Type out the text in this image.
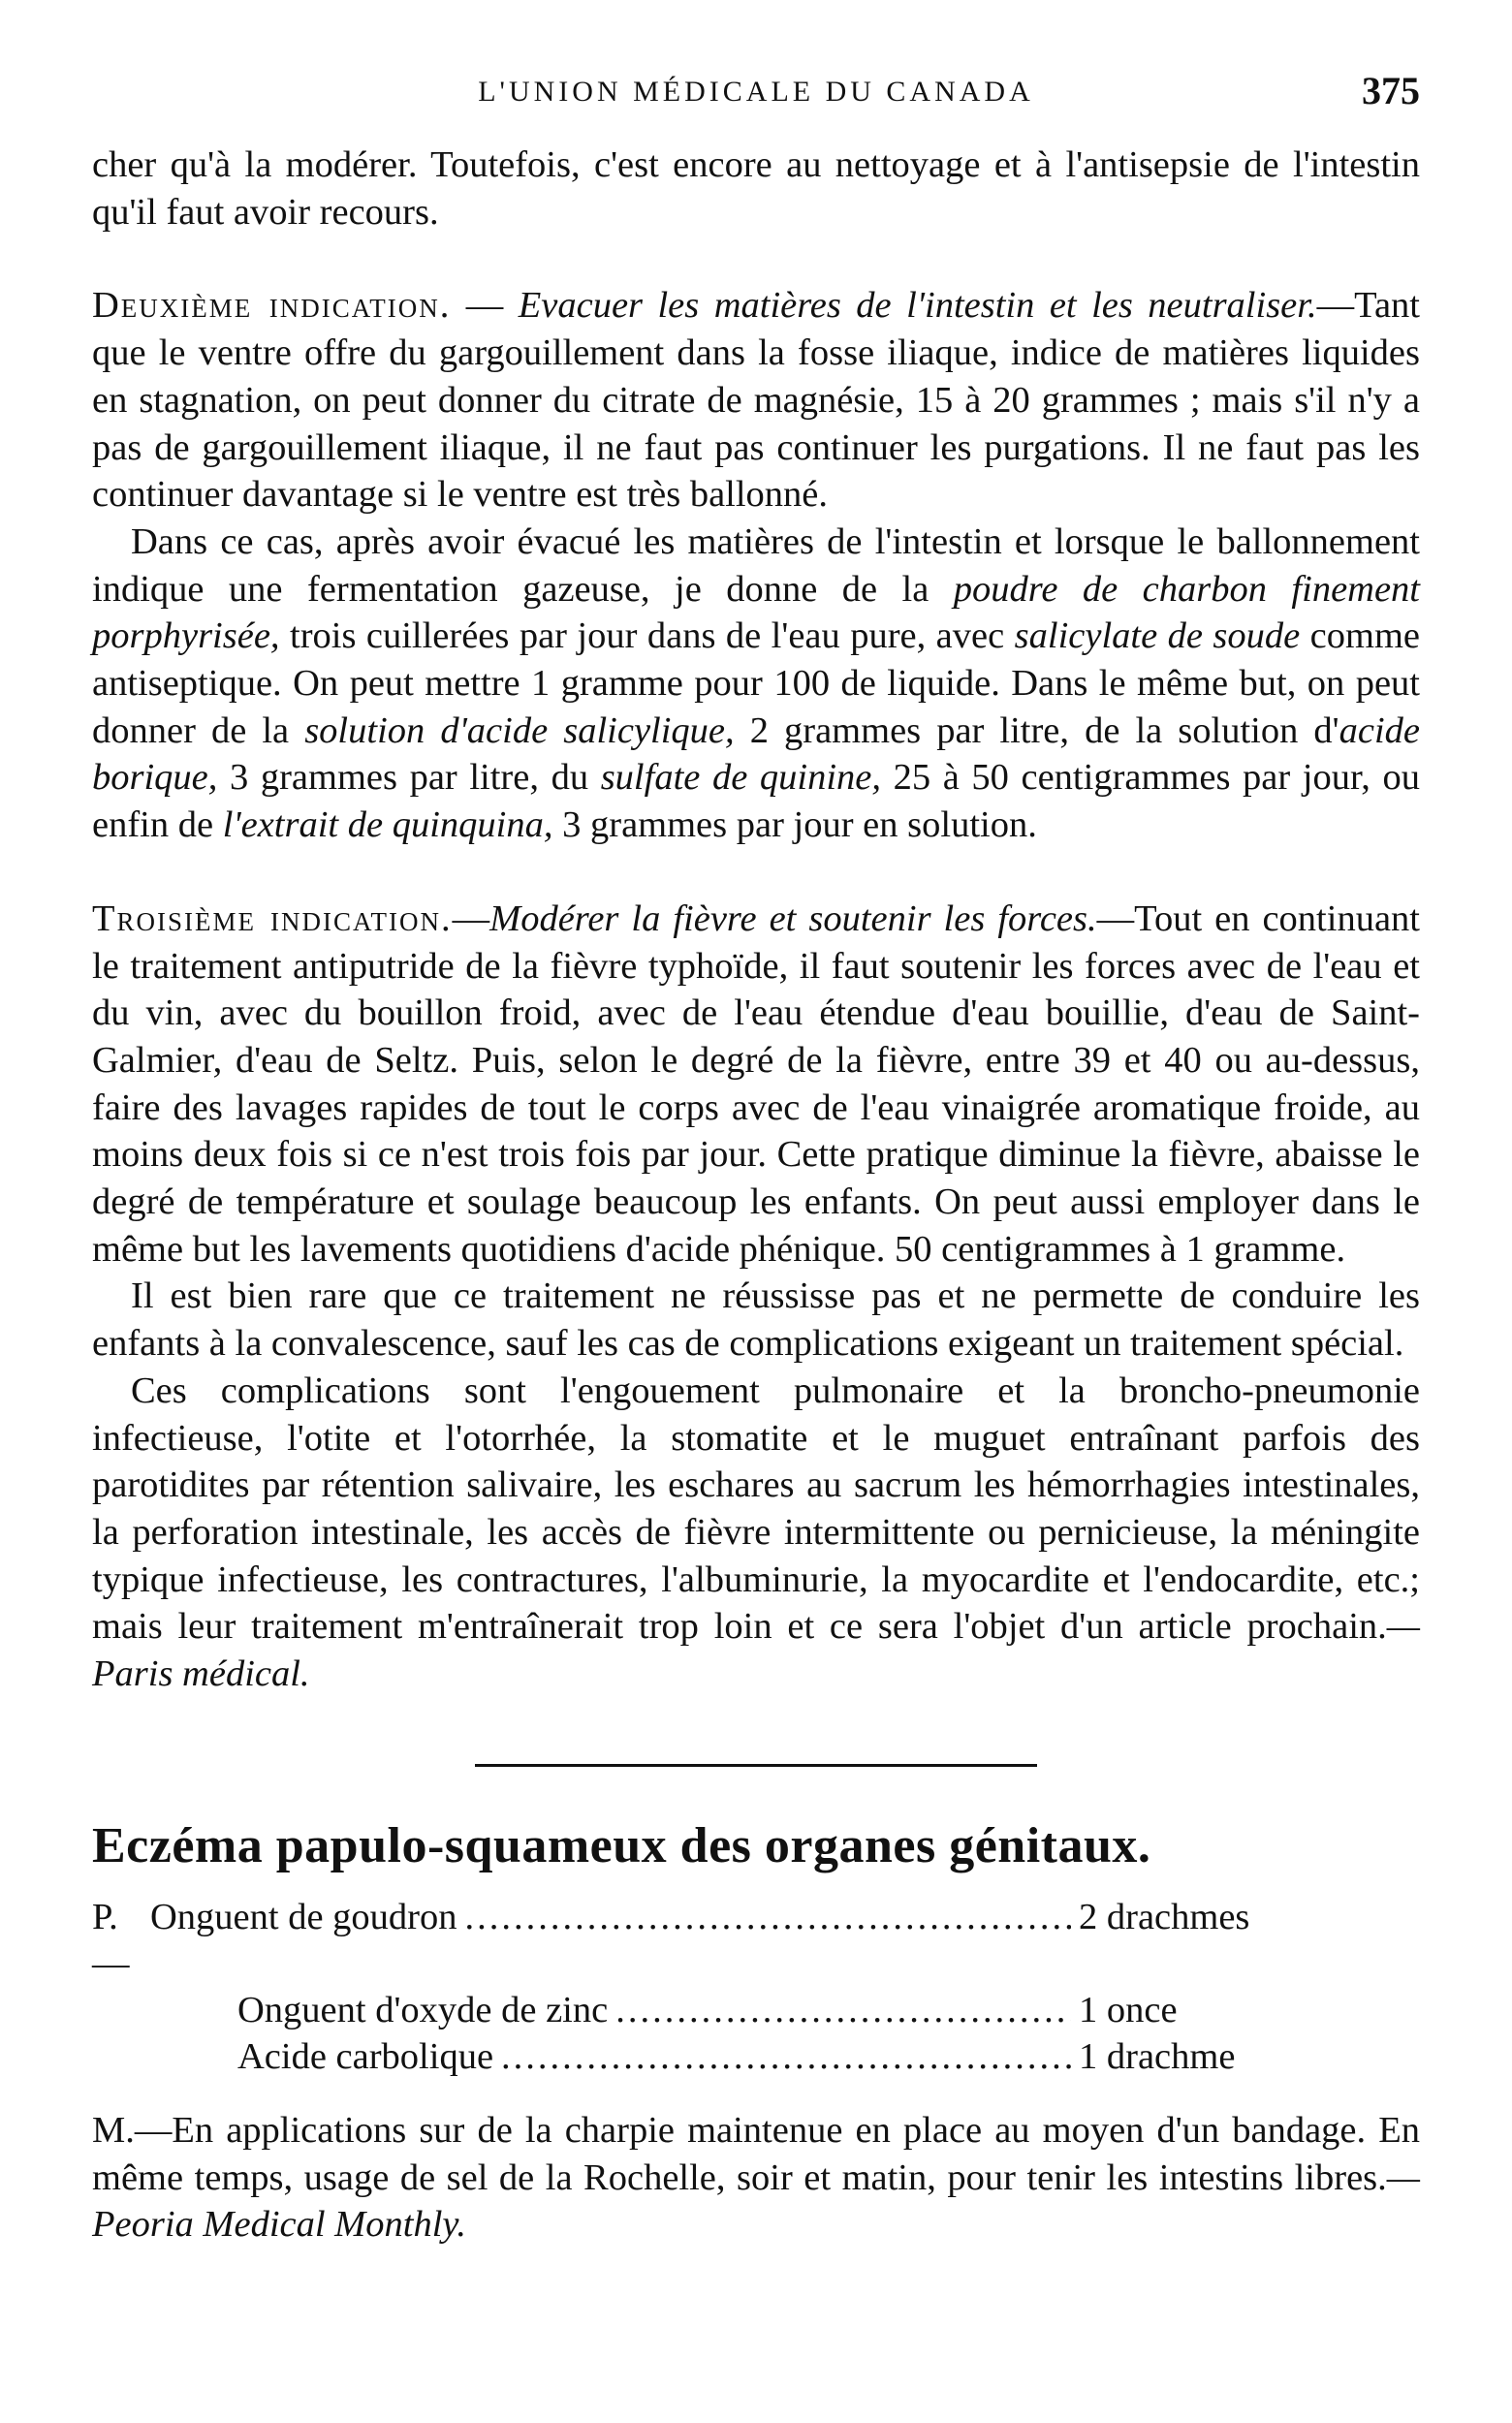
L'UNION MÉDICALE DU CANADA	375

cher qu'à la modérer. Toutefois, c'est encore au nettoyage et à l'antisepsie de l'intestin qu'il faut avoir recours.

Deuxième indication. — Evacuer les matières de l'intestin et les neutraliser.—Tant que le ventre offre du gargouillement dans la fosse iliaque, indice de matières liquides en stagnation, on peut donner du citrate de magnésie, 15 à 20 grammes ; mais s'il n'y a pas de gargouillement iliaque, il ne faut pas continuer les purgations. Il ne faut pas les continuer davantage si le ventre est très ballonné.

Dans ce cas, après avoir évacué les matières de l'intestin et lorsque le ballonnement indique une fermentation gazeuse, je donne de la poudre de charbon finement porphyrisée, trois cuillerées par jour dans de l'eau pure, avec salicylate de soude comme antiseptique. On peut mettre 1 gramme pour 100 de liquide. Dans le même but, on peut donner de la solution d'acide salicylique, 2 grammes par litre, de la solution d'acide borique, 3 grammes par litre, du sulfate de quinine, 25 à 50 centigrammes par jour, ou enfin de l'extrait de quinquina, 3 grammes par jour en solution.

Troisième indication.—Modérer la fièvre et soutenir les forces.—Tout en continuant le traitement antiputride de la fièvre typhoïde, il faut soutenir les forces avec de l'eau et du vin, avec du bouillon froid, avec de l'eau étendue d'eau bouillie, d'eau de Saint-Galmier, d'eau de Seltz. Puis, selon le degré de la fièvre, entre 39 et 40 ou au-dessus, faire des lavages rapides de tout le corps avec de l'eau vinaigrée aromatique froide, au moins deux fois si ce n'est trois fois par jour. Cette pratique diminue la fièvre, abaisse le degré de température et soulage beaucoup les enfants. On peut aussi employer dans le même but les lavements quotidiens d'acide phénique. 50 centigrammes à 1 gramme.

Il est bien rare que ce traitement ne réussisse pas et ne permette de conduire les enfants à la convalescence, sauf les cas de complications exigeant un traitement spécial.

Ces complications sont l'engouement pulmonaire et la broncho-pneumonie infectieuse, l'otite et l'otorrhée, la stomatite et le muguet entraînant parfois des parotidites par rétention salivaire, les eschares au sacrum les hémorrhagies intestinales, la perforation intestinale, les accès de fièvre intermittente ou pernicieuse, la méningite typique infectieuse, les contractures, l'albuminurie, la myocardite et l'endocardite, etc.; mais leur traitement m'entraînerait trop loin et ce sera l'objet d'un article prochain.—Paris médical.

Eczéma papulo-squameux des organes génitaux.
P.—
Onguent de goudron .....	2 drachmes
Onguent d'oxyde de zinc .....	1 once
Acide carbolique .....	1 drachme

M.—En applications sur de la charpie maintenue en place au moyen d'un bandage. En même temps, usage de sel de la Rochelle, soir et matin, pour tenir les intestins libres.—Peoria Medical Monthly.
